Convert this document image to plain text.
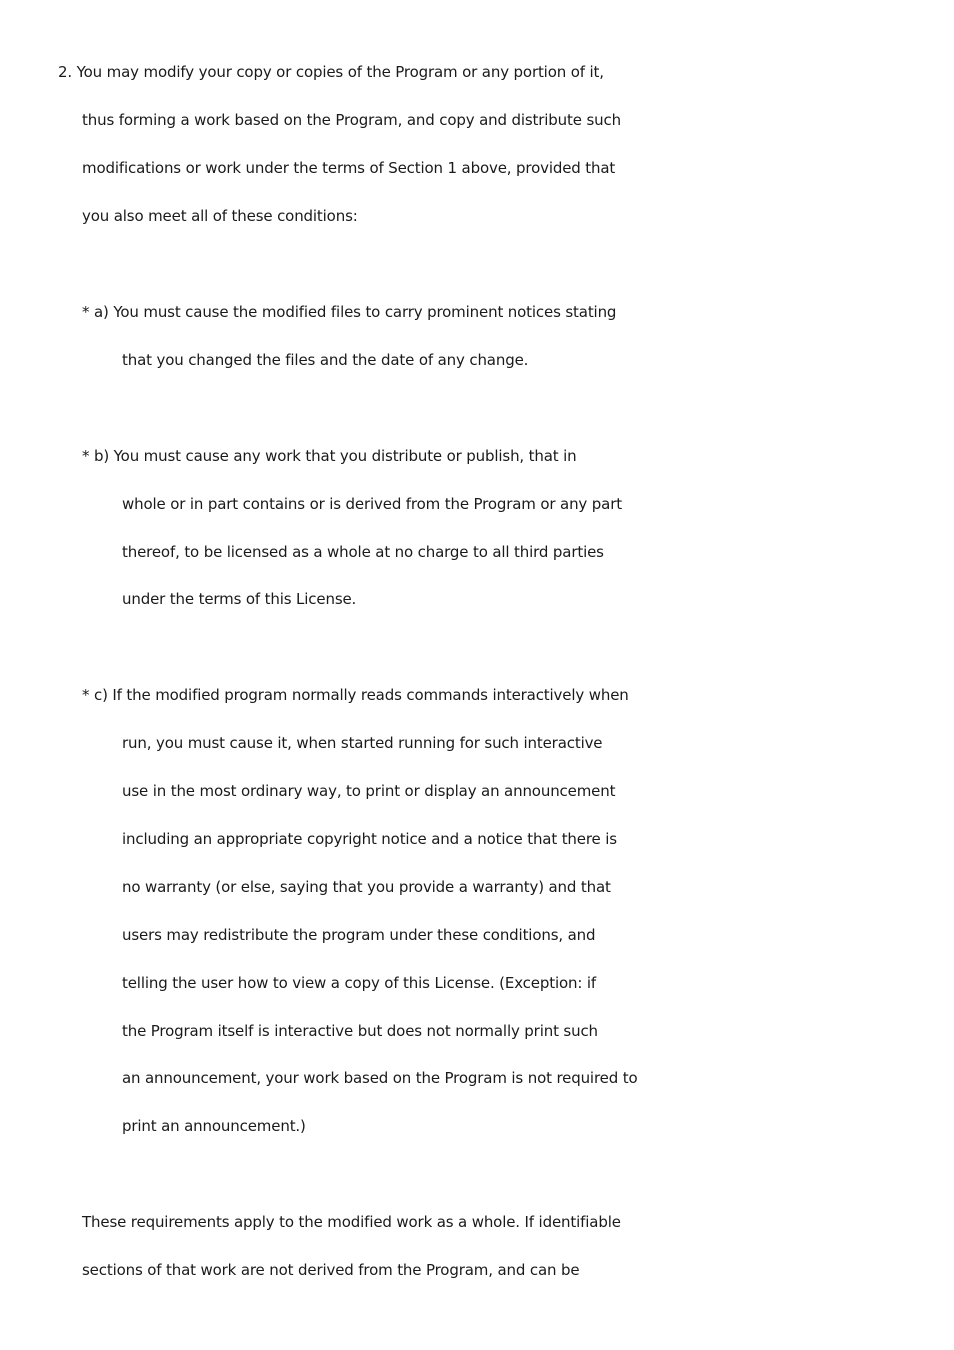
2. You may modify your copy or copies of the Program or any portion of it,
thus forming a work based on the Program, and copy and distribute such
modifications or work under the terms of Section 1 above, provided that
you also meet all of these conditions:
* a) You must cause the modified files to carry prominent notices stating
that you changed the files and the date of any change.
* b) You must cause any work that you distribute or publish, that in
whole or in part contains or is derived from the Program or any part
thereof, to be licensed as a whole at no charge to all third parties
under the terms of this License.
* c) If the modified program normally reads commands interactively when
run, you must cause it, when started running for such interactive
use in the most ordinary way, to print or display an announcement
including an appropriate copyright notice and a notice that there is
no warranty (or else, saying that you provide a warranty) and that
users may redistribute the program under these conditions, and
telling the user how to view a copy of this License. (Exception: if
the Program itself is interactive but does not normally print such
an announcement, your work based on the Program is not required to
print an announcement.)
These requirements apply to the modified work as a whole. If identifiable
sections of that work are not derived from the Program, and can be
